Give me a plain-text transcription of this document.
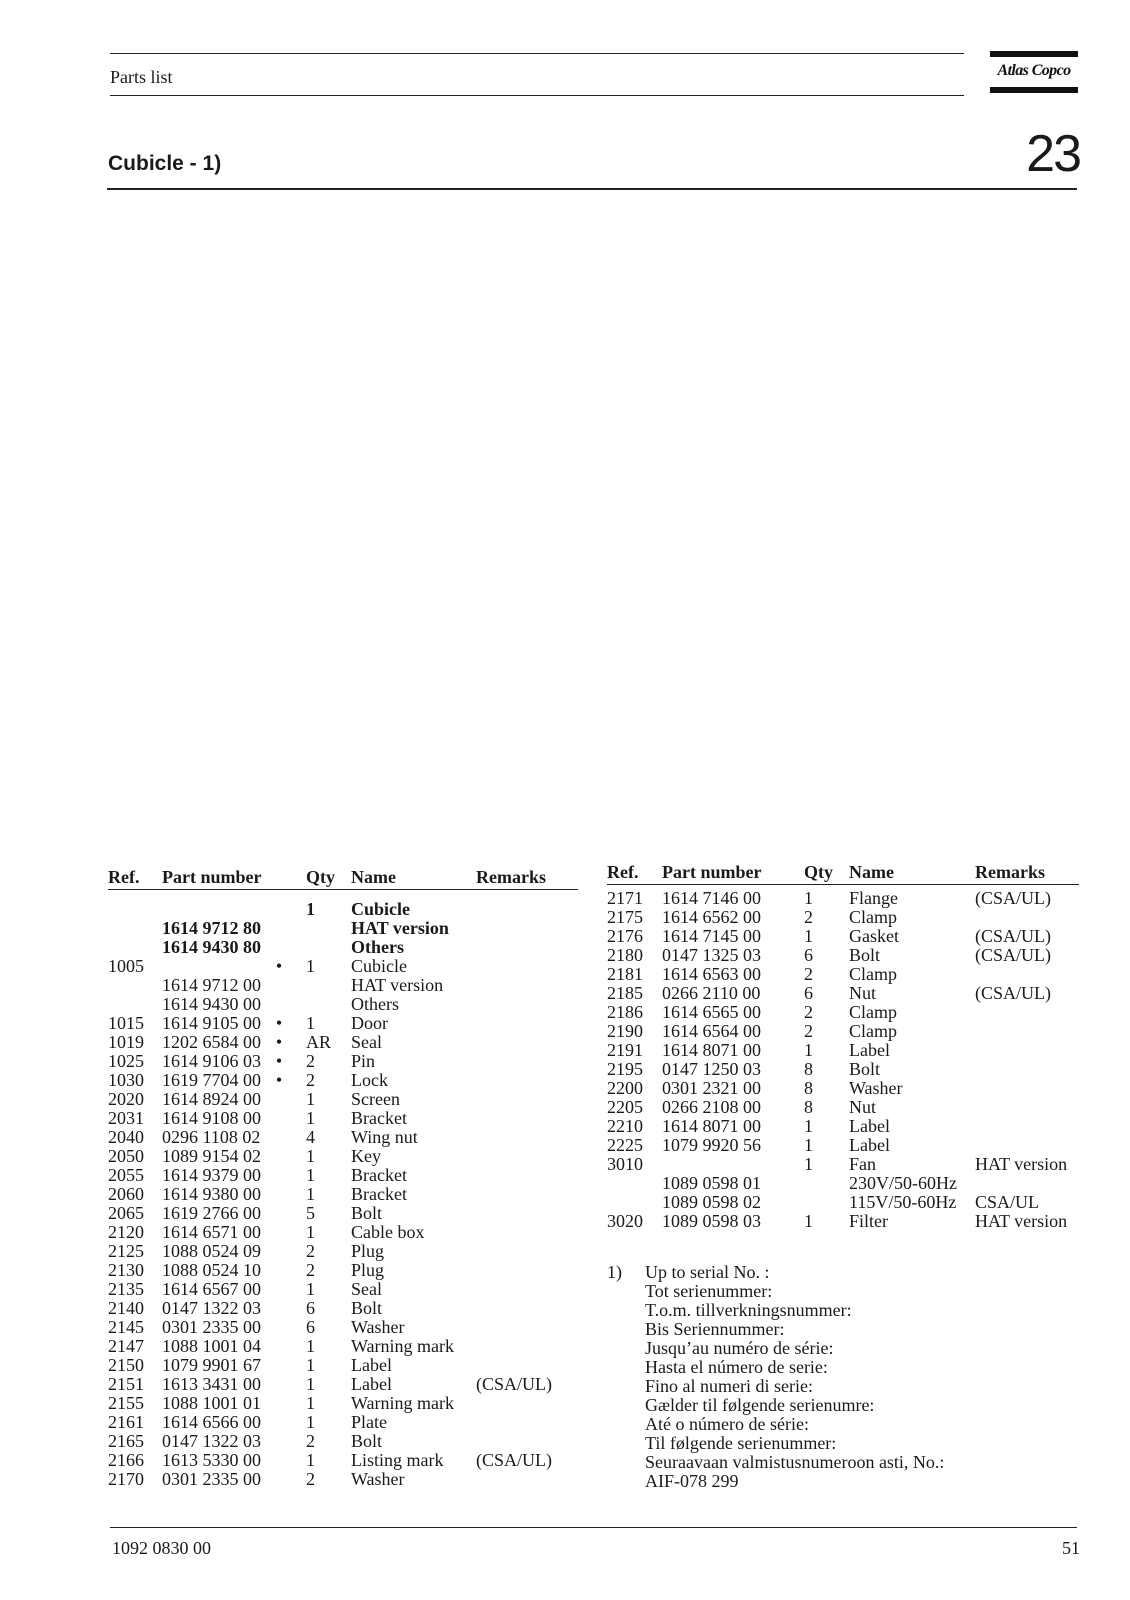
Parts list	Atlas Copco
Cubicle - 1)	23
Ref. Part number Qty Name	Remarks
1 Cubicle
1614 9712 80	HAT version
1614 9430 80	Others
1005	• 1 Cubicle
1614 9712 00	HAT version
1614 9430 00	Others
1015 1614 9105 00 • 1 Door
1019 1202 6584 00 • AR Seal
1025 1614 9106 03 • 2 Pin
1030 1619 7704 00 • 2 Lock
2020 1614 8924 00	1 Screen
2031 1614 9108 00	1 Bracket
2040 0296 1108 02	4 Wing nut
2050 1089 9154 02	1 Key
2055 1614 9379 00	1 Bracket
2060 1614 9380 00	1 Bracket
2065 1619 2766 00	5 Bolt
2120 1614 6571 00	1 Cable box
2125 1088 0524 09	2 Plug
2130 1088 0524 10	2 Plug
2135 1614 6567 00	1 Seal
2140 0147 1322 03	6 Bolt
2145 0301 2335 00	6 Washer
2147 1088 1001 04	1 Warning mark
2150 1079 9901 67	1 Label
2151 1613 3431 00	1 Label	(CSA/UL)
2155 1088 1001 01	1 Warning mark
2161 1614 6566 00	1 Plate
2165 0147 1322 03	2 Bolt
2166 1613 5330 00	1 Listing mark (CSA/UL)
2170 0301 2335 00	2 Washer
Ref. Part number Qty Name	Remarks
2171 1614 7146 00 1 Flange	(CSA/UL)
2175 1614 6562 00 2 Clamp
2176 1614 7145 00 1 Gasket	(CSA/UL)
2180 0147 1325 03 6 Bolt	(CSA/UL)
2181 1614 6563 00 2 Clamp
2185 0266 2110 00 6 Nut	(CSA/UL)
2186 1614 6565 00 2 Clamp
2190 1614 6564 00 2 Clamp
2191 1614 8071 00 1 Label
2195 0147 1250 03 8 Bolt
2200 0301 2321 00 8 Washer
2205 0266 2108 00 8 Nut
2210 1614 8071 00 1 Label
2225 1079 9920 56 1 Label
3010	1 Fan	HAT version
1089 0598 01	230V/50-60Hz
1089 0598 02	115V/50-60Hz CSA/UL
3020 1089 0598 03 1 Filter	HAT version
1) Up to serial No. :
Tot serienummer:
T.o.m. tillverkningsnummer:
Bis Seriennummer:
Jusqu’au numéro de série:
Hasta el número de serie:
Fino al numeri di serie:
Gælder til følgende serienumre:
Até o número de série:
Til følgende serienummer:
Seuraavaan valmistusnumeroon asti, No.:
AIF-078 299
1092 0830 00	51
